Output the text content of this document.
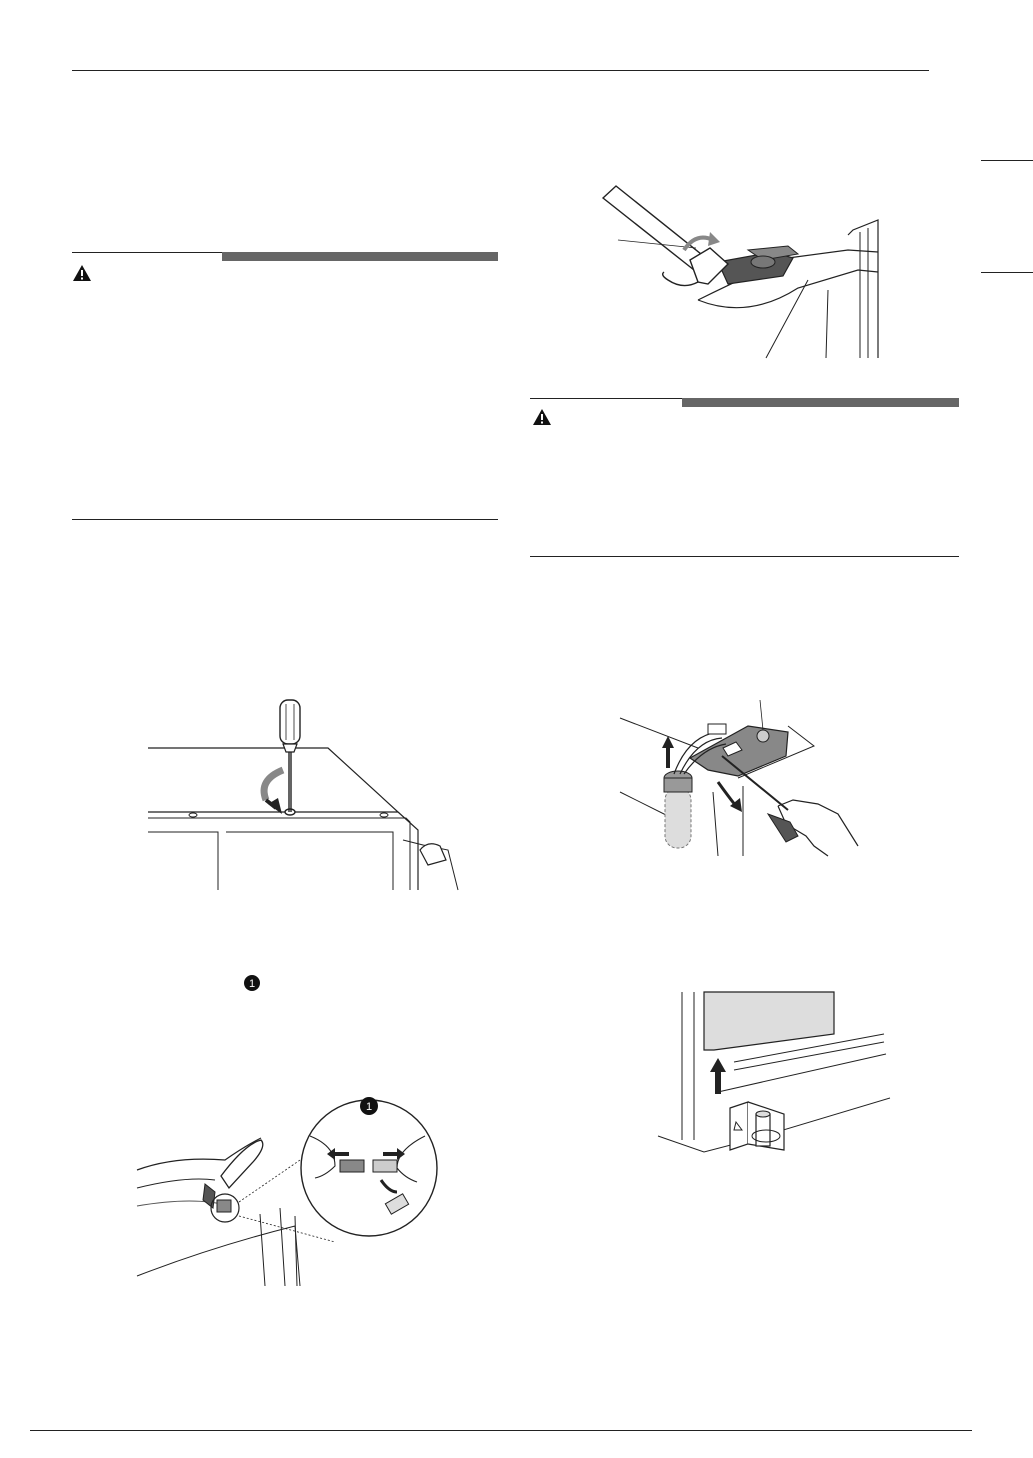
1
1
